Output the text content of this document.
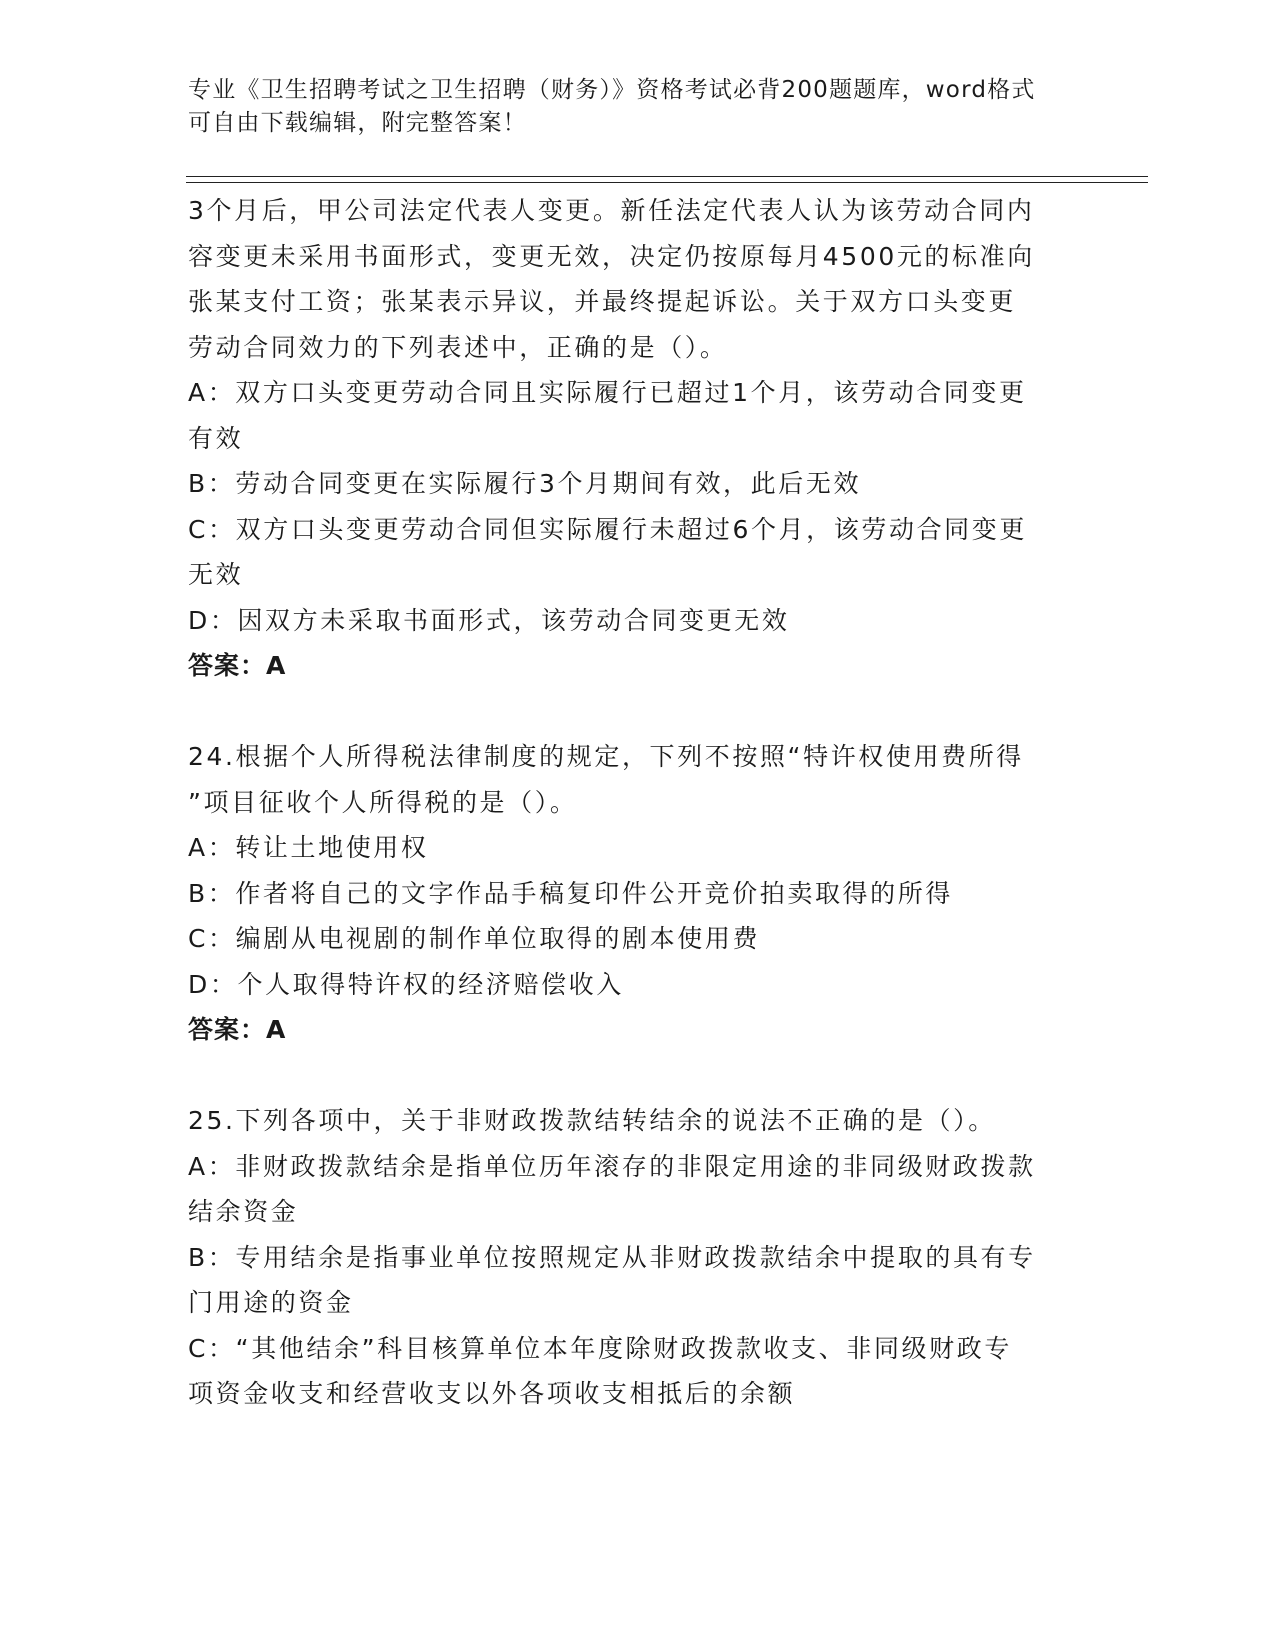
专业《卫生招聘考试之卫生招聘（财务）》资格考试必背200题题库，word格式
可自由下载编辑，附完整答案！
3个月后，甲公司法定代表人变更。新任法定代表人认为该劳动合同内
容变更未采用书面形式，变更无效，决定仍按原每月4500元的标准向
张某支付工资；张某表示异议，并最终提起诉讼。关于双方口头变更
劳动合同效力的下列表述中，正确的是（）。
A：双方口头变更劳动合同且实际履行已超过1个月，该劳动合同变更
有效
B：劳动合同变更在实际履行3个月期间有效，此后无效
C：双方口头变更劳动合同但实际履行未超过6个月，该劳动合同变更
无效
D：因双方未采取书面形式，该劳动合同变更无效
答案：A
24.根据个人所得税法律制度的规定，下列不按照“特许权使用费所得
”项目征收个人所得税的是（）。
A：转让土地使用权
B：作者将自己的文字作品手稿复印件公开竞价拍卖取得的所得
C：编剧从电视剧的制作单位取得的剧本使用费
D：个人取得特许权的经济赔偿收入
答案：A
25.下列各项中，关于非财政拨款结转结余的说法不正确的是（）。
A：非财政拨款结余是指单位历年滚存的非限定用途的非同级财政拨款
结余资金
B：专用结余是指事业单位按照规定从非财政拨款结余中提取的具有专
门用途的资金
C：“其他结余”科目核算单位本年度除财政拨款收支、非同级财政专
项资金收支和经营收支以外各项收支相抵后的余额
